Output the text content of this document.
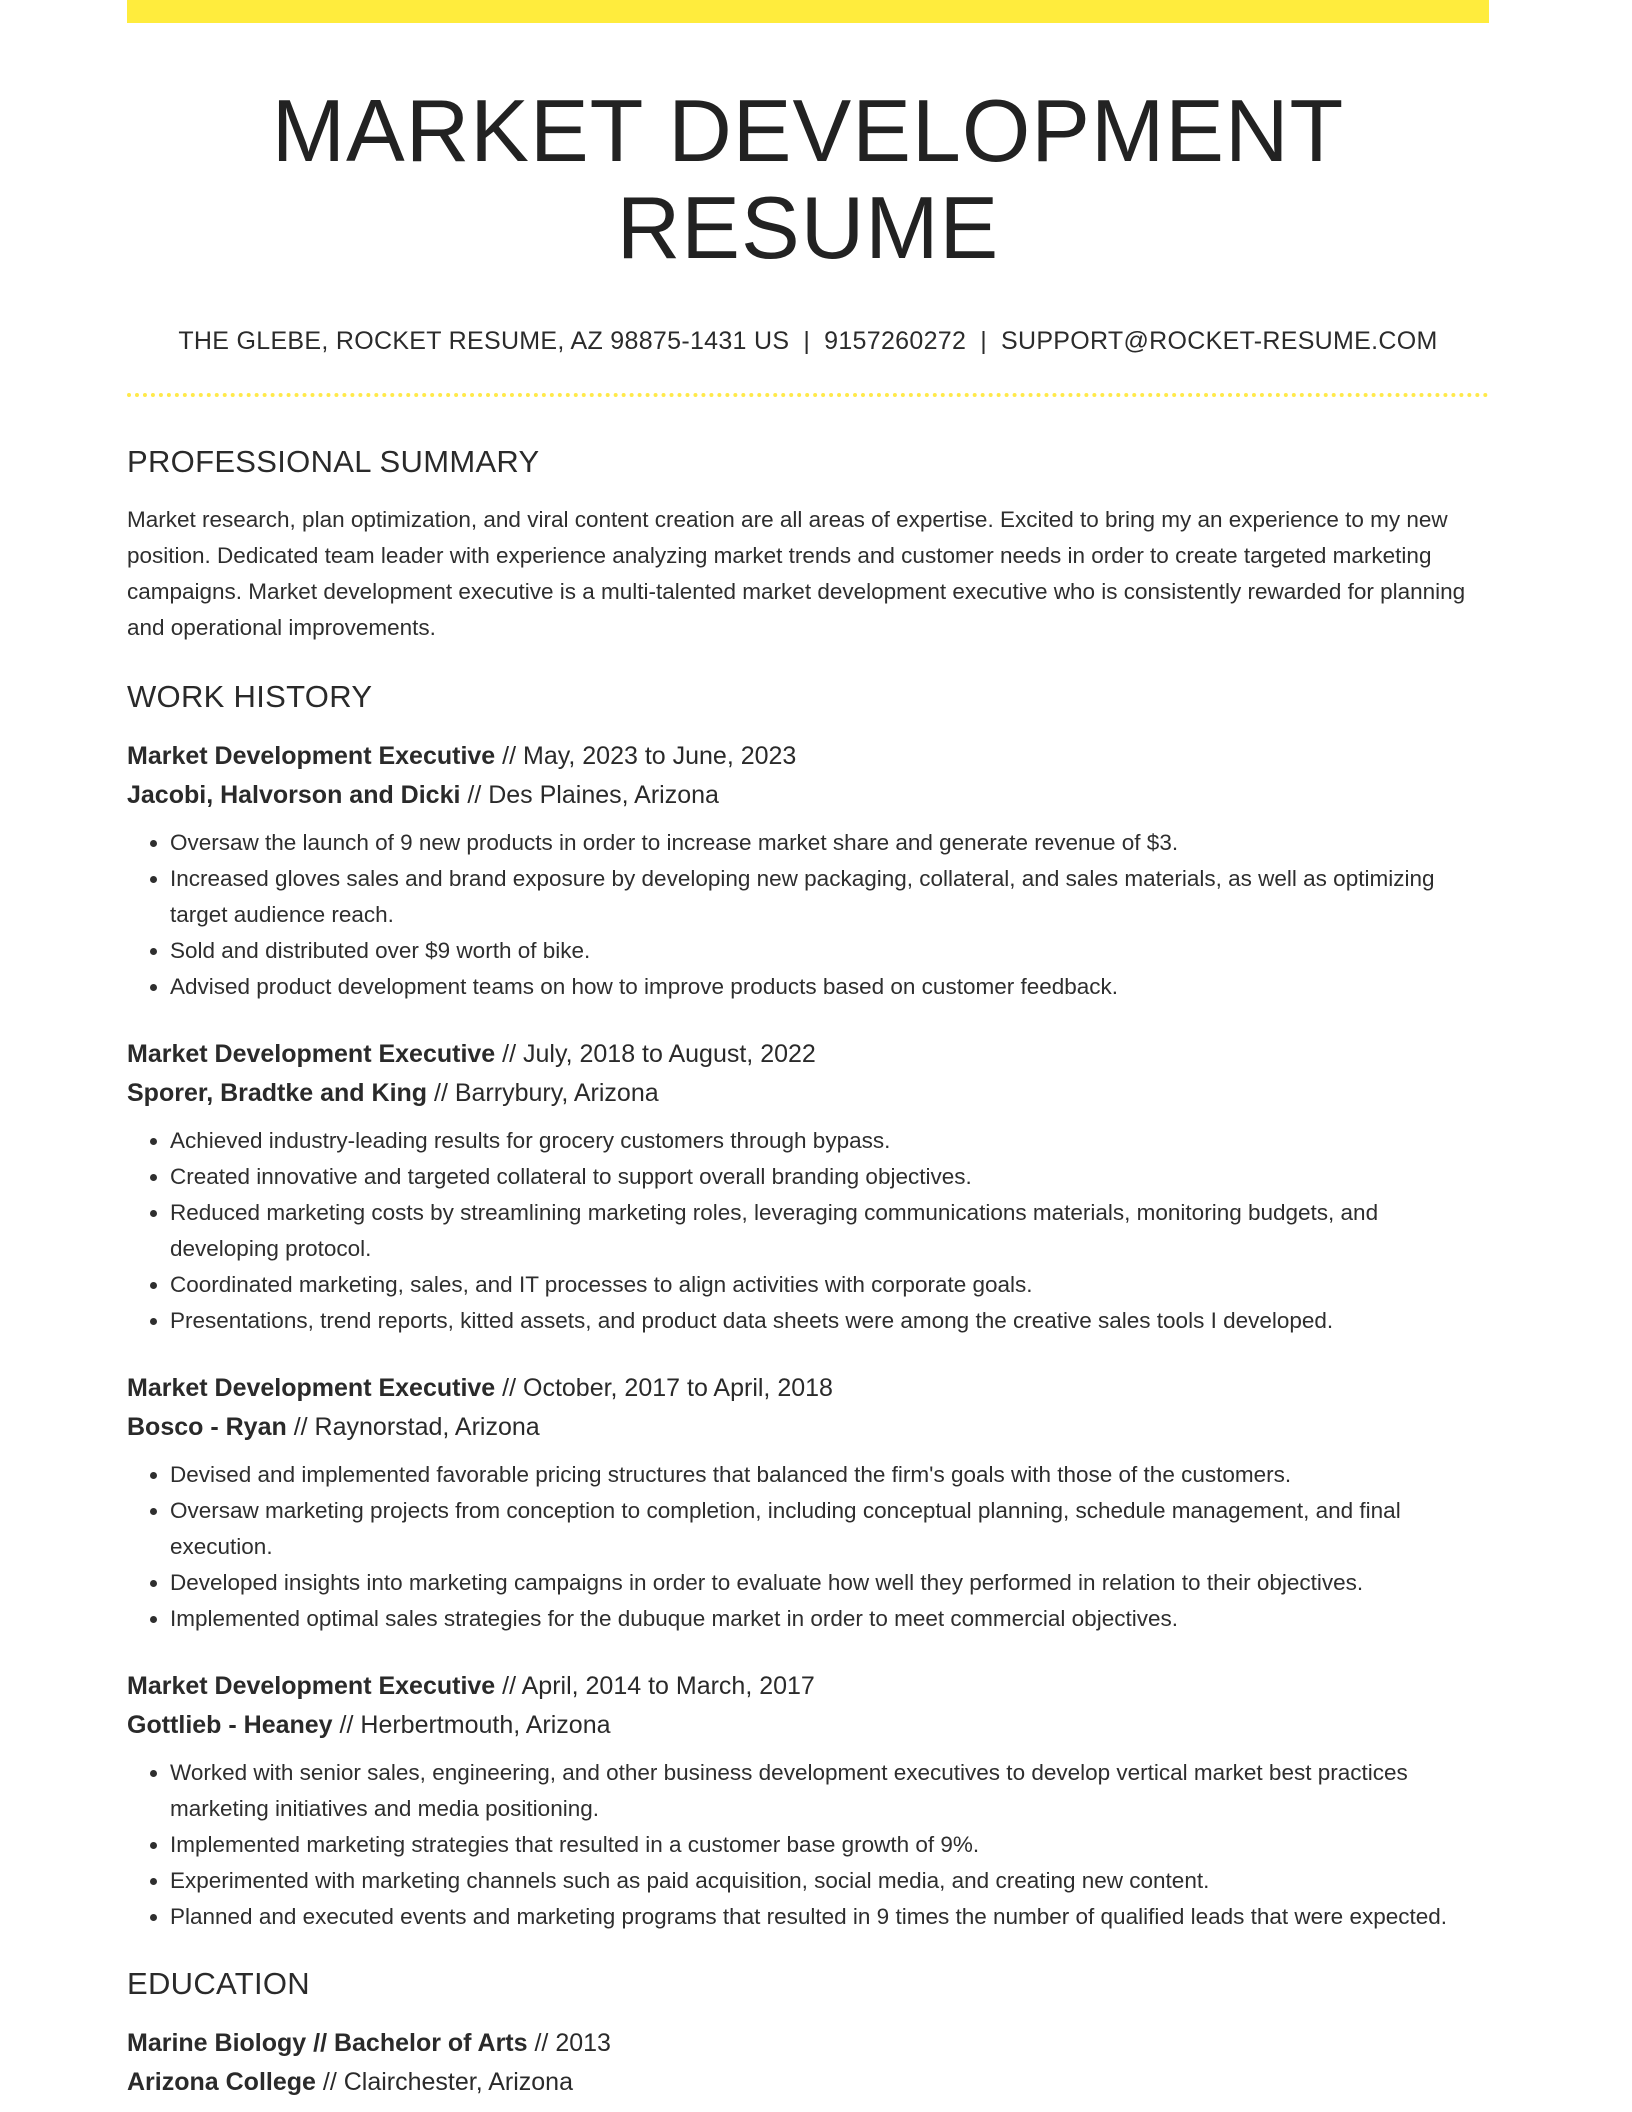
MARKET DEVELOPMENT RESUME
THE GLEBE, ROCKET RESUME, AZ 98875-1431 US | 9157260272 | SUPPORT@ROCKET-RESUME.COM
PROFESSIONAL SUMMARY
Market research, plan optimization, and viral content creation are all areas of expertise. Excited to bring my an experience to my new position. Dedicated team leader with experience analyzing market trends and customer needs in order to create targeted marketing campaigns. Market development executive is a multi-talented market development executive who is consistently rewarded for planning and operational improvements.
WORK HISTORY
Market Development Executive // May, 2023 to June, 2023
Jacobi, Halvorson and Dicki // Des Plaines, Arizona
• Oversaw the launch of 9 new products in order to increase market share and generate revenue of $3.
• Increased gloves sales and brand exposure by developing new packaging, collateral, and sales materials, as well as optimizing target audience reach.
• Sold and distributed over $9 worth of bike.
• Advised product development teams on how to improve products based on customer feedback.
Market Development Executive // July, 2018 to August, 2022
Sporer, Bradtke and King // Barrybury, Arizona
• Achieved industry-leading results for grocery customers through bypass.
• Created innovative and targeted collateral to support overall branding objectives.
• Reduced marketing costs by streamlining marketing roles, leveraging communications materials, monitoring budgets, and developing protocol.
• Coordinated marketing, sales, and IT processes to align activities with corporate goals.
• Presentations, trend reports, kitted assets, and product data sheets were among the creative sales tools I developed.
Market Development Executive // October, 2017 to April, 2018
Bosco - Ryan // Raynorstad, Arizona
• Devised and implemented favorable pricing structures that balanced the firm's goals with those of the customers.
• Oversaw marketing projects from conception to completion, including conceptual planning, schedule management, and final execution.
• Developed insights into marketing campaigns in order to evaluate how well they performed in relation to their objectives.
• Implemented optimal sales strategies for the dubuque market in order to meet commercial objectives.
Market Development Executive // April, 2014 to March, 2017
Gottlieb - Heaney // Herbertmouth, Arizona
• Worked with senior sales, engineering, and other business development executives to develop vertical market best practices marketing initiatives and media positioning.
• Implemented marketing strategies that resulted in a customer base growth of 9%.
• Experimented with marketing channels such as paid acquisition, social media, and creating new content.
• Planned and executed events and marketing programs that resulted in 9 times the number of qualified leads that were expected.
EDUCATION
Marine Biology // Bachelor of Arts // 2013
Arizona College // Clairchester, Arizona
